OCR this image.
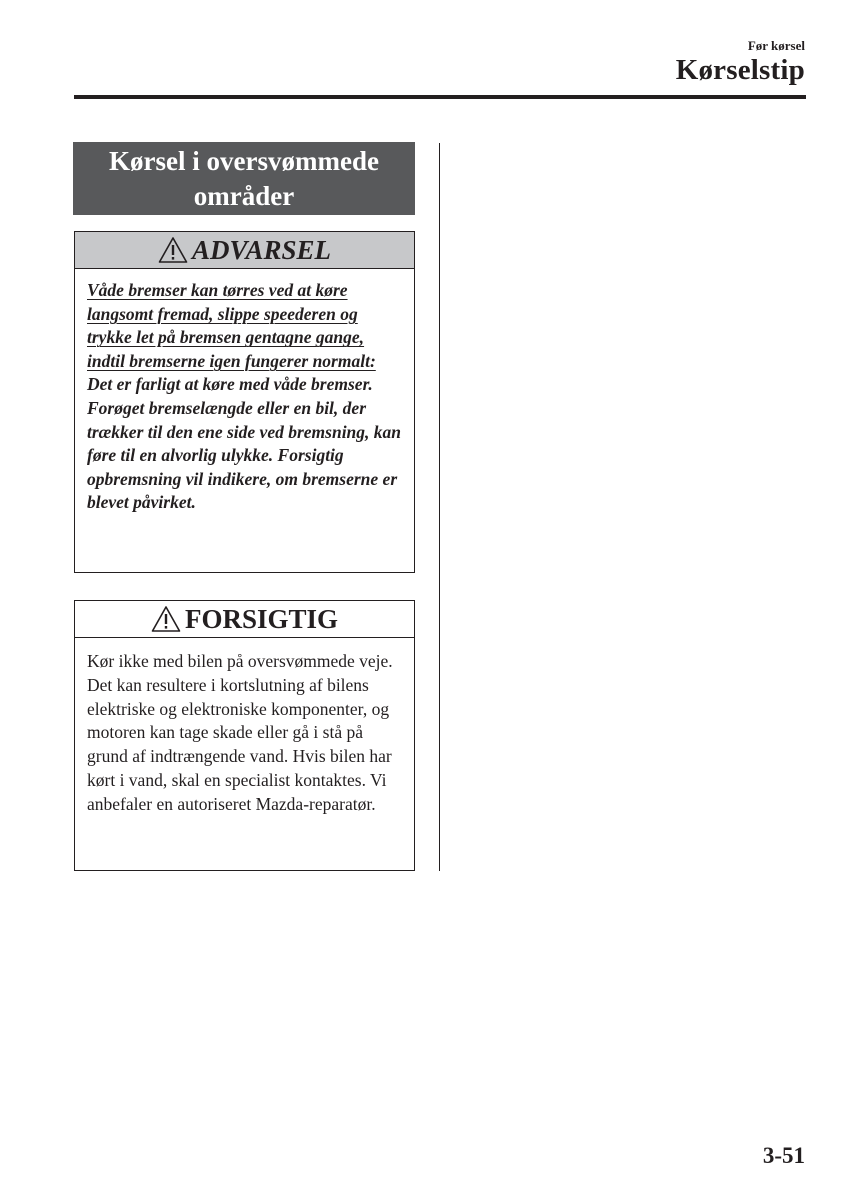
Før kørsel
Kørselstip
Kørsel i oversvømmede
områder
ADVARSEL
Våde bremser kan tørres ved at køre langsomt fremad, slippe speederen og trykke let på bremsen gentagne gange, indtil bremserne igen fungerer normalt:
Det er farligt at køre med våde bremser. Forøget bremselængde eller en bil, der trækker til den ene side ved bremsning, kan føre til en alvorlig ulykke. Forsigtig opbremsning vil indikere, om bremserne er blevet påvirket.
FORSIGTIG
Kør ikke med bilen på oversvømmede veje. Det kan resultere i kortslutning af bilens elektriske og elektroniske komponenter, og motoren kan tage skade eller gå i stå på grund af indtrængende vand. Hvis bilen har kørt i vand, skal en specialist kontaktes. Vi anbefaler en autoriseret Mazda-reparatør.
3-51
